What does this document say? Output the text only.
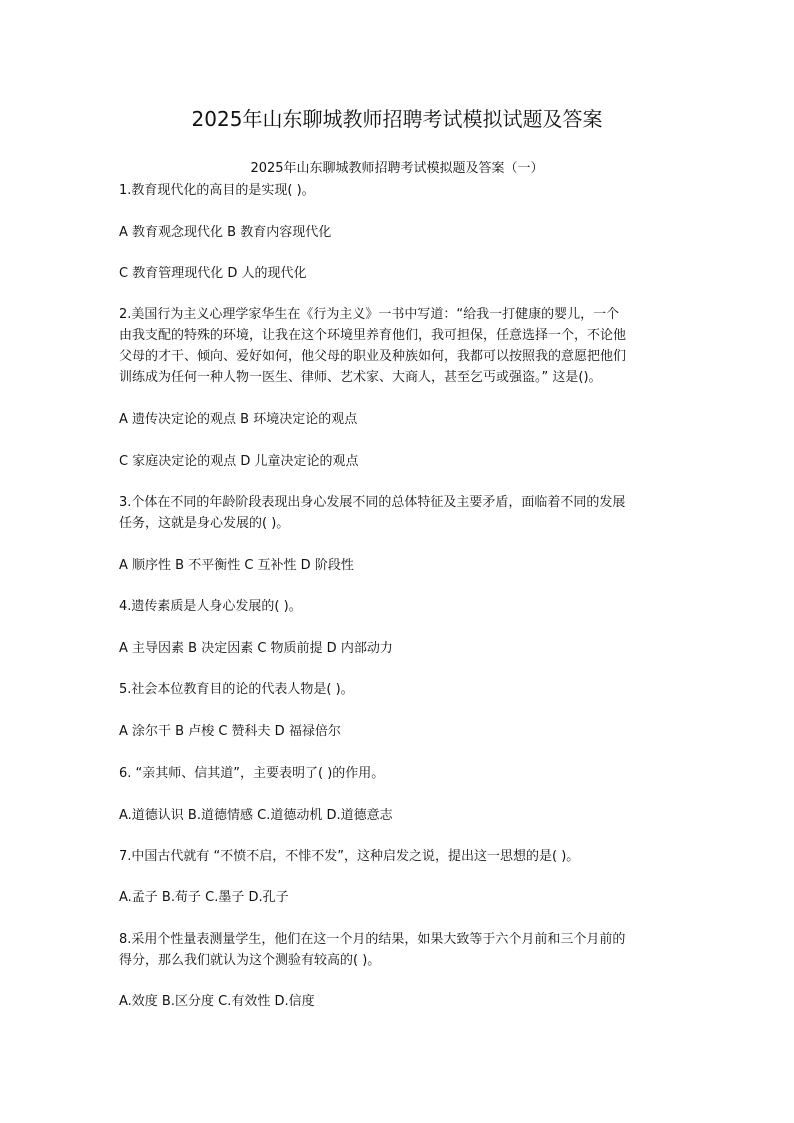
2025年山东聊城教师招聘考试模拟试题及答案
2025年山东聊城教师招聘考试模拟题及答案（一）
1.教育现代化的高目的是实现( )。
A 教育观念现代化 B 教育内容现代化
C 教育管理现代化 D 人的现代化
2.美国行为主义心理学家华生在《行为主义》一书中写道：“给我一打健康的婴儿，一个
由我支配的特殊的环境，让我在这个环境里养育他们，我可担保，任意选择一个，不论他
父母的才干、倾向、爱好如何，他父母的职业及种族如何，我都可以按照我的意愿把他们
训练成为任何一种人物一医生、律师、艺术家、大商人，甚至乞丐或强盗。” 这是()。
A 遗传决定论的观点 B 环境决定论的观点
C 家庭决定论的观点 D 儿童决定论的观点
3.个体在不同的年龄阶段表现出身心发展不同的总体特征及主要矛盾，面临着不同的发展
任务，这就是身心发展的( )。
A 顺序性 B 不平衡性 C 互补性 D 阶段性
4.遗传素质是人身心发展的( )。
A 主导因素 B 决定因素 C 物质前提 D 内部动力
5.社会本位教育目的论的代表人物是( )。
A 涂尔干 B 卢梭 C 赞科夫 D 福禄倍尔
6. “亲其师、信其道”，主要表明了( )的作用。
A.道德认识 B.道德情感 C.道德动机 D.道德意志
7.中国古代就有 “不愤不启，不悱不发”，这种启发之说，提出这一思想的是( )。
A.孟子 B.荀子 C.墨子 D.孔子
8.采用个性量表测量学生，他们在这一个月的结果，如果大致等于六个月前和三个月前的
得分，那么我们就认为这个测验有较高的( )。
A.效度 B.区分度 C.有效性 D.信度
